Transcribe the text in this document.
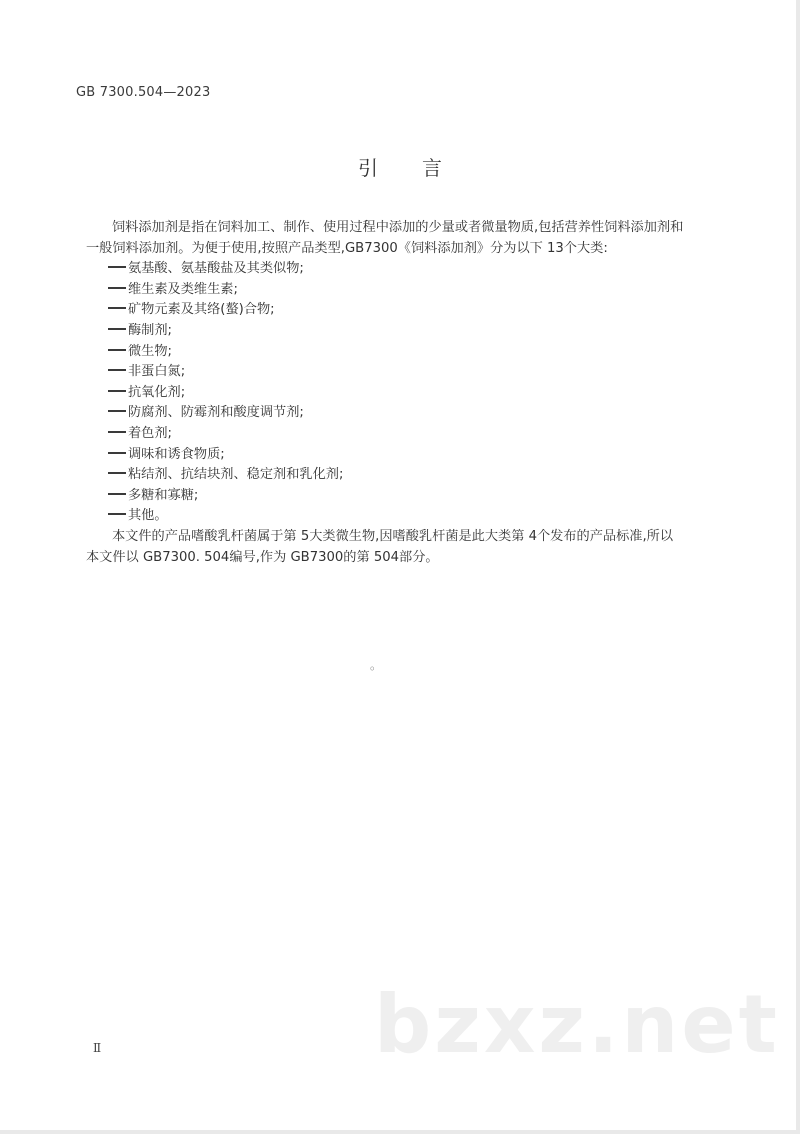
GB 7300.504—2023
引 言

饲料添加剂是指在饲料加工、制作、使用过程中添加的少量或者微量物质,包括营养性饲料添加剂和一般饲料添加剂。为便于使用,按照产品类型,GB7300《饲料添加剂》分为以下 13个大类:

氨基酸、氨基酸盐及其类似物;
维生素及类维生素;
矿物元素及其络(螯)合物;
酶制剂;
微生物;
非蛋白氮;
抗氧化剂;
防腐剂、防霉剂和酸度调节剂;
着色剂;
调味和诱食物质;
粘结剂、抗结块剂、稳定剂和乳化剂;
多糖和寡糖;
其他。

本文件的产品嗜酸乳杆菌属于第 5大类微生物,因嗜酸乳杆菌是此大类第 4个发布的产品标准,所以本文件以 GB7300. 504编号,作为 GB7300的第 504部分。

。
bzxz.net
Ⅱ
